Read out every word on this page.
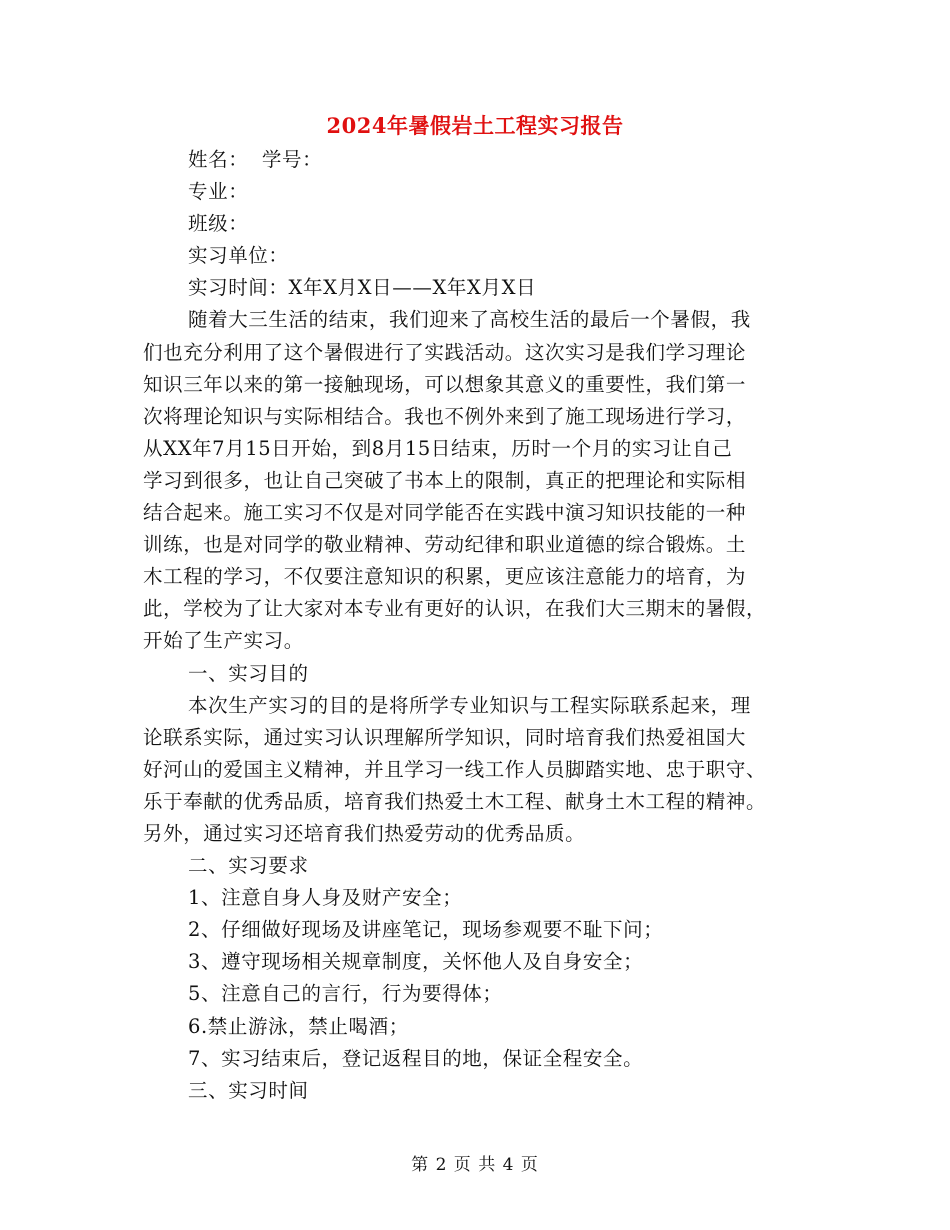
2024年暑假岩土工程实习报告
姓名：  学号：
专业：
班级：
实习单位：
实习时间：X年X月X日——X年X月X日
随着大三生活的结束，我们迎来了高校生活的最后一个暑假，我
们也充分利用了这个暑假进行了实践活动。这次实习是我们学习理论
知识三年以来的第一接触现场，可以想象其意义的重要性，我们第一
次将理论知识与实际相结合。我也不例外来到了施工现场进行学习，
从XX年7月15日开始，到8月15日结束，历时一个月的实习让自己
学习到很多，也让自己突破了书本上的限制，真正的把理论和实际相
结合起来。施工实习不仅是对同学能否在实践中演习知识技能的一种
训练，也是对同学的敬业精神、劳动纪律和职业道德的综合锻炼。土
木工程的学习，不仅要注意知识的积累，更应该注意能力的培育，为
此，学校为了让大家对本专业有更好的认识，在我们大三期末的暑假，
开始了生产实习。
一、实习目的
本次生产实习的目的是将所学专业知识与工程实际联系起来，理
论联系实际，通过实习认识理解所学知识，同时培育我们热爱祖国大
好河山的爱国主义精神，并且学习一线工作人员脚踏实地、忠于职守、
乐于奉献的优秀品质，培育我们热爱土木工程、献身土木工程的精神。
另外，通过实习还培育我们热爱劳动的优秀品质。
二、实习要求
1、注意自身人身及财产安全；
2、仔细做好现场及讲座笔记，现场参观要不耻下问；
3、遵守现场相关规章制度，关怀他人及自身安全；
5、注意自己的言行，行为要得体；
6.禁止游泳，禁止喝酒；
7、实习结束后，登记返程目的地，保证全程安全。
三、实习时间
第 2 页 共 4 页
